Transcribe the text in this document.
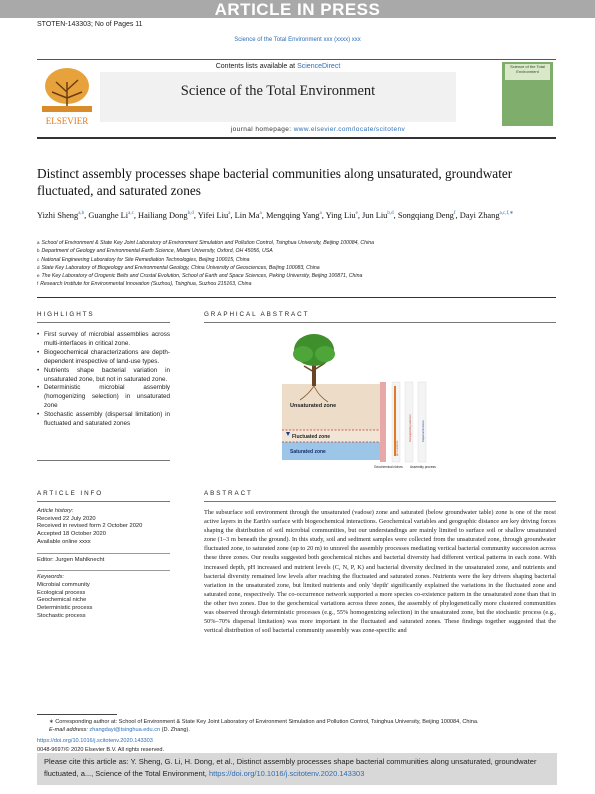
ARTICLE IN PRESS
STOTEN-143303; No of Pages 11
Science of the Total Environment xxx (xxxx) xxx
ELSEVIER
Contents lists available at ScienceDirect
Science of the Total Environment
journal homepage: www.elsevier.com/locate/scitotenv
Science of the Total Environment
Distinct assembly processes shape bacterial communities along unsaturated, groundwater fluctuated, and saturated zones
Yizhi Sheng$^{a,b}$, Guanghe Li$^{a,c}$, Hailiang Dong$^{b,d}$, Yifei Liu$^a$, Lin Ma$^a$, Mengqing Yang$^a$, Ying Liu$^e$, Jun Liu$^{b,d}$, Songqiang Deng$^f$, Dayi Zhang$^{a,c,f,∗}$
a School of Environment & State Key Joint Laboratory of Environment Simulation and Pollution Control, Tsinghua University, Beijing 100084, China
b Department of Geology and Environmental Earth Science, Miami University, Oxford, OH 45056, USA
c National Engineering Laboratory for Site Remediation Technologies, Beijing 100015, China
d State Key Laboratory of Biogeology and Environmental Geology, China University of Geosciences, Beijing 100083, China
e The Key Laboratory of Orogenic Belts and Crustal Evolution, School of Earth and Space Sciences, Peking University, Beijing 100871, China
f Research Institute for Environmental Innovation (Suzhou), Tsinghua, Suzhou 215163, China
HIGHLIGHTS
• First survey of microbial assemblies across multi-interfaces in critical zone.
• Biogeochemical characterizations are depth-dependent irrespective of land-use types.
• Nutrients shape bacterial variation in unsaturated zone, but not in saturated zone.
• Deterministic microbial assembly (homogenizing selection) in unsaturated zone
• Stochastic assembly (dispersal limitation) in fluctuated and saturated zones
GRAPHICAL ABSTRACT
Unsaturated zone
Fluctuated zone
Saturated zone	pH / nutrients
Homogenizing selection	Dispersal limitation
Geochemical niches Assembly process
ARTICLE INFO
Article history:
Received 22 July 2020
Received in revised form 2 October 2020
Accepted 18 October 2020
Available online xxxx
Editor: Jurgen Mahlknecht
Keywords:
Microbial community
Ecological process
Geochemical niche
Deterministic process
Stochastic process
ABSTRACT
The subsurface soil environment through the unsaturated (vadose) zone and saturated (below groundwater table) zone is one of the most active layers in the Earth's surface with biogeochemical interactions. Geochemical variables and geographic distance are key driving forces shaping the distribution of soil microbial communities, but our understandings are mainly limited to surface soil or shallow unsaturated zone (1–3 m beneath the ground). In this study, soil and sediment samples were collected from the unsaturated zone, through groundwater fluctuated zone, to saturated zone (up to 20 m) to unravel the assembly processes mediating vertical bacterial community succession across these three zones. Our results suggested both geochemical niches and bacterial diversity had different vertical patterns in each zone. With increased depth, pH increased and nutrient levels (C, N, P, K) and bacterial diversity declined in the unsaturated zone, and nutrients and bacterial diversity remained low levels after reaching the fluctuated and saturated zones. Nutrients were the key drivers shaping bacterial variation in the unsaturated zone, but limited nutrients and only 'depth' significantly explained the variations in the fluctuated zone and saturated zone, respectively. The co-occurrence network supported a more species co-existence pattern in the unsaturated zone than that in the other two zones. Due to the geochemical variations across three zones, the assembly of phylogenetically more clustered communities was observed through deterministic processes (e.g., 55% homogenizing selection) in the unsaturated zone, but the stochastic process (e.g., 50%–70% dispersal limitation) was more important in the fluctuated and saturated zones. These findings together suggested that the vertical distribution of soil bacterial community assembly was zone-specific and
∗ Corresponding author at: School of Environment & State Key Joint Laboratory of Environment Simulation and Pollution Control, Tsinghua University, Beijing 100084, China.
E-mail address: zhangdayi@tsinghua.edu.cn (D. Zhang).
https://doi.org/10.1016/j.scitotenv.2020.143303
0048-9697/© 2020 Elsevier B.V. All rights reserved.
Please cite this article as: Y. Sheng, G. Li, H. Dong, et al., Distinct assembly processes shape bacterial communities along unsaturated, groundwater fluctuated, a..., Science of the Total Environment, https://doi.org/10.1016/j.scitotenv.2020.143303
